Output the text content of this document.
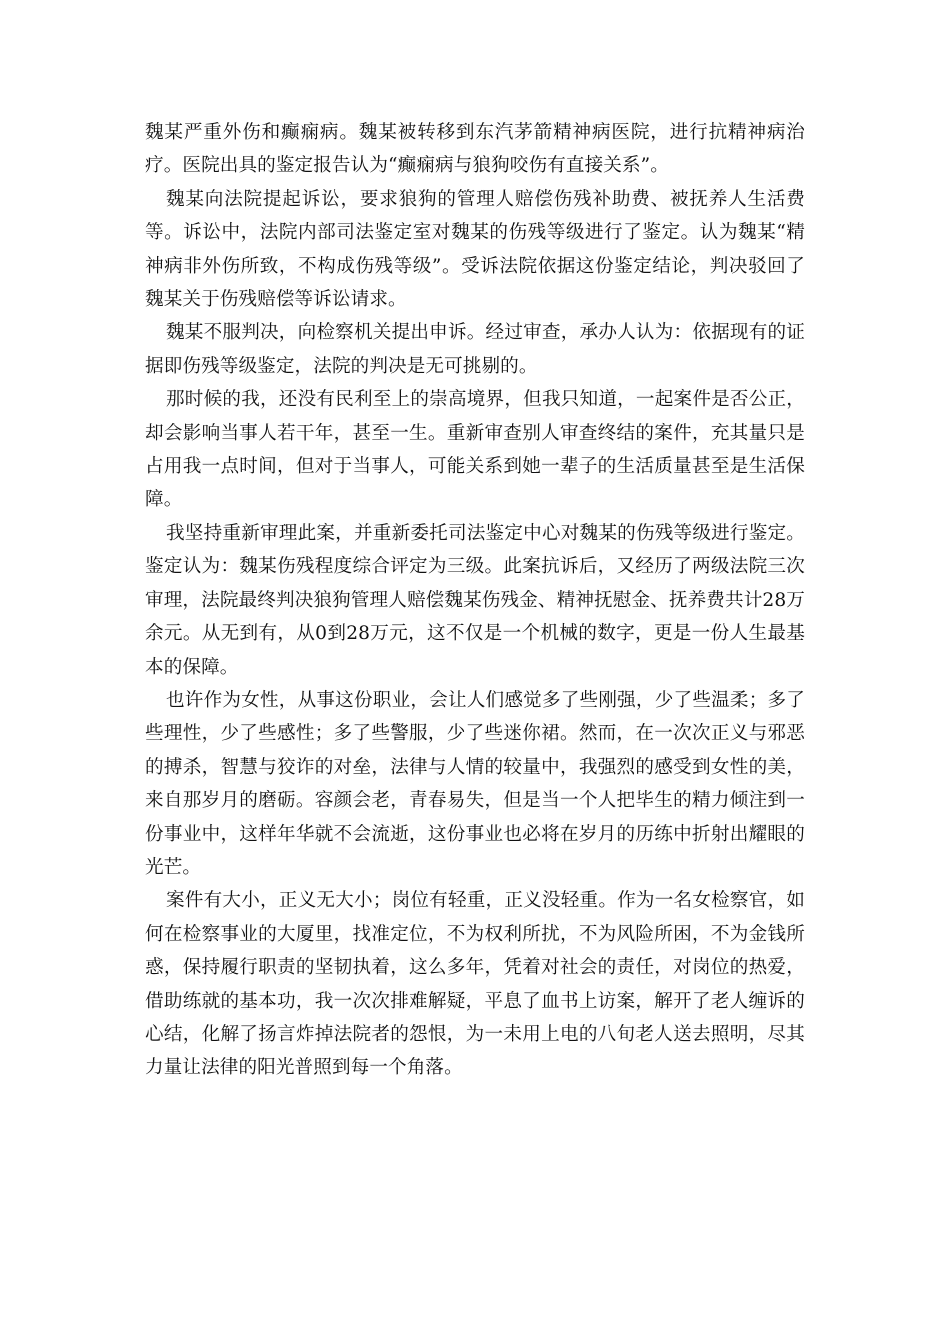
魏某严重外伤和癫痫病。魏某被转移到东汽茅箭精神病医院，进行抗精神病治疗。医院出具的鉴定报告认为“癫痫病与狼狗咬伤有直接关系”。

魏某向法院提起诉讼，要求狼狗的管理人赔偿伤残补助费、被抚养人生活费等。诉讼中，法院内部司法鉴定室对魏某的伤残等级进行了鉴定。认为魏某“精神病非外伤所致，不构成伤残等级”。受诉法院依据这份鉴定结论，判决驳回了魏某关于伤残赔偿等诉讼请求。

魏某不服判决，向检察机关提出申诉。经过审查，承办人认为：依据现有的证据即伤残等级鉴定，法院的判决是无可挑剔的。

那时候的我，还没有民利至上的崇高境界，但我只知道，一起案件是否公正，却会影响当事人若干年，甚至一生。重新审查别人审查终结的案件，充其量只是占用我一点时间，但对于当事人，可能关系到她一辈子的生活质量甚至是生活保障。

我坚持重新审理此案，并重新委托司法鉴定中心对魏某的伤残等级进行鉴定。鉴定认为：魏某伤残程度综合评定为三级。此案抗诉后，又经历了两级法院三次审理，法院最终判决狼狗管理人赔偿魏某伤残金、精神抚慰金、抚养费共计28万余元。从无到有，从0到28万元，这不仅是一个机械的数字，更是一份人生最基本的保障。

也许作为女性，从事这份职业，会让人们感觉多了些刚强，少了些温柔；多了些理性，少了些感性；多了些警服，少了些迷你裙。然而，在一次次正义与邪恶的搏杀，智慧与狡诈的对垒，法律与人情的较量中，我强烈的感受到女性的美，来自那岁月的磨砺。容颜会老，青春易失，但是当一个人把毕生的精力倾注到一份事业中，这样年华就不会流逝，这份事业也必将在岁月的历练中折射出耀眼的光芒。

案件有大小，正义无大小；岗位有轻重，正义没轻重。作为一名女检察官，如何在检察事业的大厦里，找准定位，不为权利所扰，不为风险所困，不为金钱所惑，保持履行职责的坚韧执着，这么多年，凭着对社会的责任，对岗位的热爱，借助练就的基本功，我一次次排难解疑，平息了血书上访案，解开了老人缠诉的心结，化解了扬言炸掉法院者的怨恨，为一未用上电的八旬老人送去照明，尽其力量让法律的阳光普照到每一个角落。
